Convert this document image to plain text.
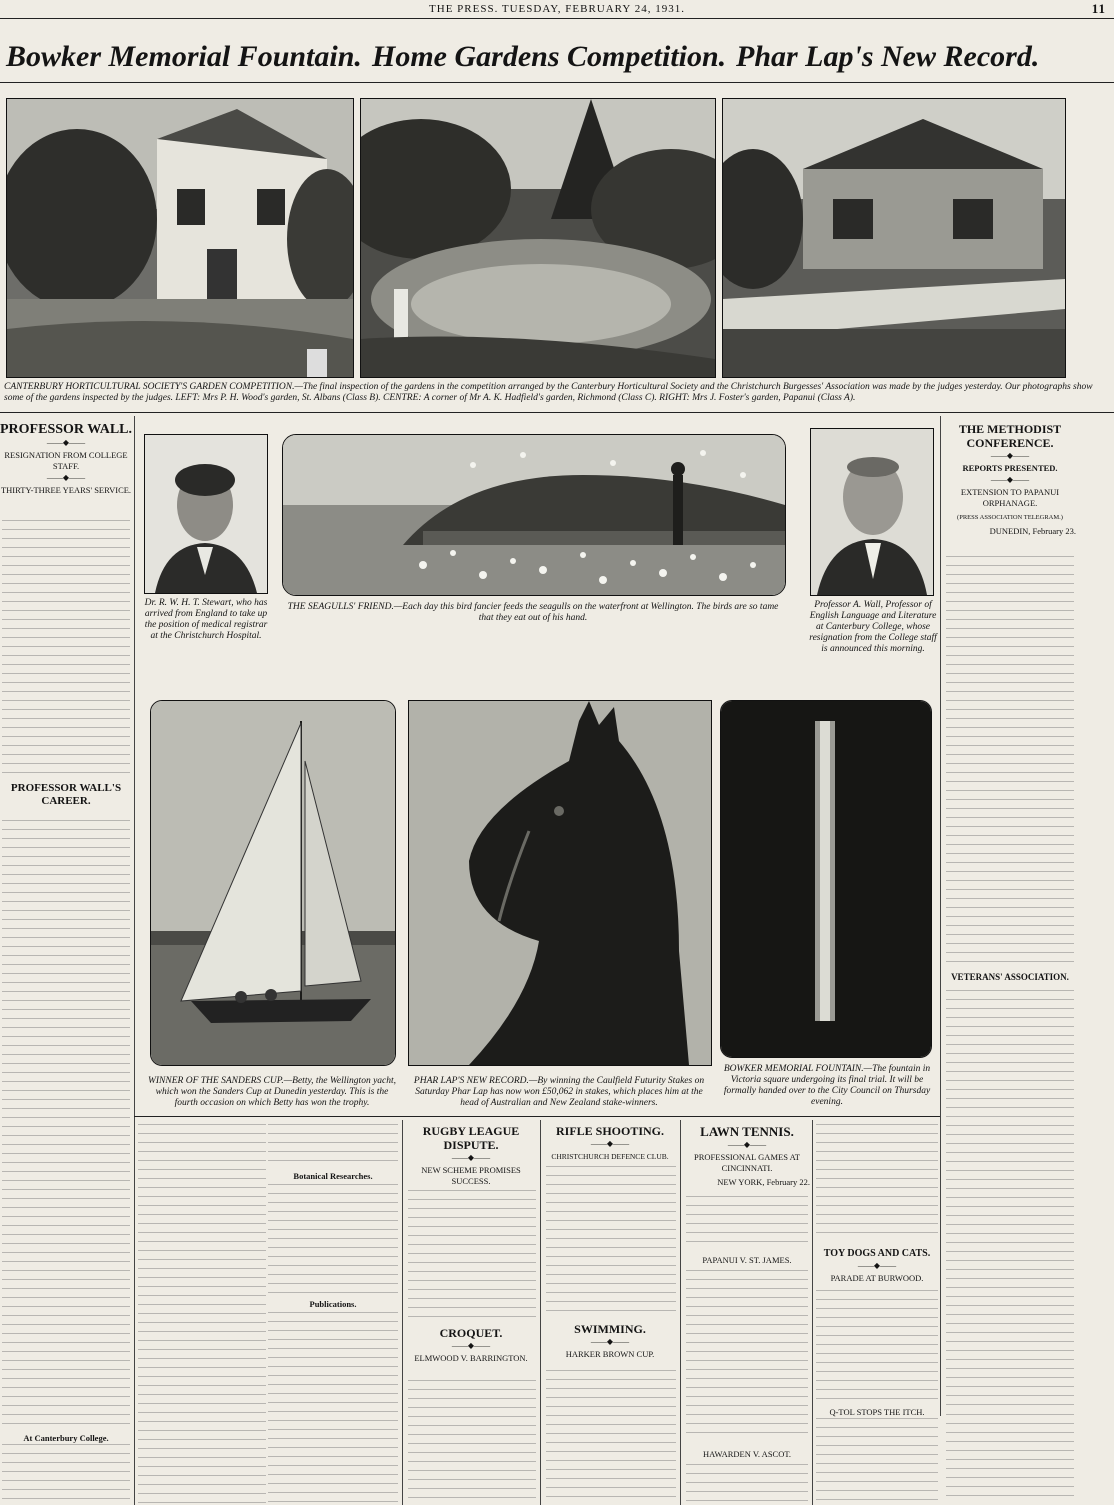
THE PRESS. TUESDAY, FEBRUARY 24, 1931.	11
Bowker Memorial Fountain. Home Gardens Competition. Phar Lap's New Record.
CANTERBURY HORTICULTURAL SOCIETY'S GARDEN COMPETITION.—The final inspection of the gardens in the competition arranged by the Canterbury Horticultural Society and the Christchurch Burgesses' Association was made by the judges yesterday. Our photographs show some of the gardens inspected by the judges. LEFT: Mrs P. H. Wood's garden, St. Albans (Class B). CENTRE: A corner of Mr A. K. Hadfield's garden, Richmond (Class C). RIGHT: Mrs J. Foster's garden, Papanui (Class A).
PROFESSOR WALL.
——◆——
RESIGNATION FROM COLLEGE STAFF.
——◆——
THIRTY-THREE YEARS' SERVICE.
PROFESSOR WALL'S CAREER.
Dr. R. W. H. T. Stewart, who has arrived from England to take up the position of medical registrar at the Christchurch Hospital.
THE SEAGULLS' FRIEND.—Each day this bird fancier feeds the seagulls on the waterfront at Wellington. The birds are so tame that they eat out of his hand.
Professor A. Wall, Professor of English Language and Literature at Canterbury College, whose resignation from the College staff is announced this morning.
THE METHODIST CONFERENCE.
——◆——
REPORTS PRESENTED.
——◆——
EXTENSION TO PAPANUI ORPHANAGE.
(PRESS ASSOCIATION TELEGRAM.)
DUNEDIN, February 23.
VETERANS' ASSOCIATION.
WINNER OF THE SANDERS CUP.—Betty, the Wellington yacht, which won the Sanders Cup at Dunedin yesterday. This is the fourth occasion on which Betty has won the trophy.
PHAR LAP'S NEW RECORD.—By winning the Caulfield Futurity Stakes on Saturday Phar Lap has now won £50,062 in stakes, which places him at the head of Australian and New Zealand stake-winners.
BOWKER MEMORIAL FOUNTAIN.—The fountain in Victoria square undergoing its final trial. It will be formally handed over to the City Council on Thursday evening.
Botanical Researches.
Publications.
At Canterbury College.
RUGBY LEAGUE DISPUTE.
——◆——
NEW SCHEME PROMISES SUCCESS.
CROQUET.
——◆——
ELMWOOD V. BARRINGTON.
RIFLE SHOOTING.
——◆——
CHRISTCHURCH DEFENCE CLUB.
SWIMMING.
——◆——
HARKER BROWN CUP.
LAWN TENNIS.
——◆——
PROFESSIONAL GAMES AT CINCINNATI.
NEW YORK, February 22.
PAPANUI V. ST. JAMES.
HAWARDEN V. ASCOT.
TOY DOGS AND CATS.
——◆——
PARADE AT BURWOOD.
Q-TOL STOPS THE ITCH.
